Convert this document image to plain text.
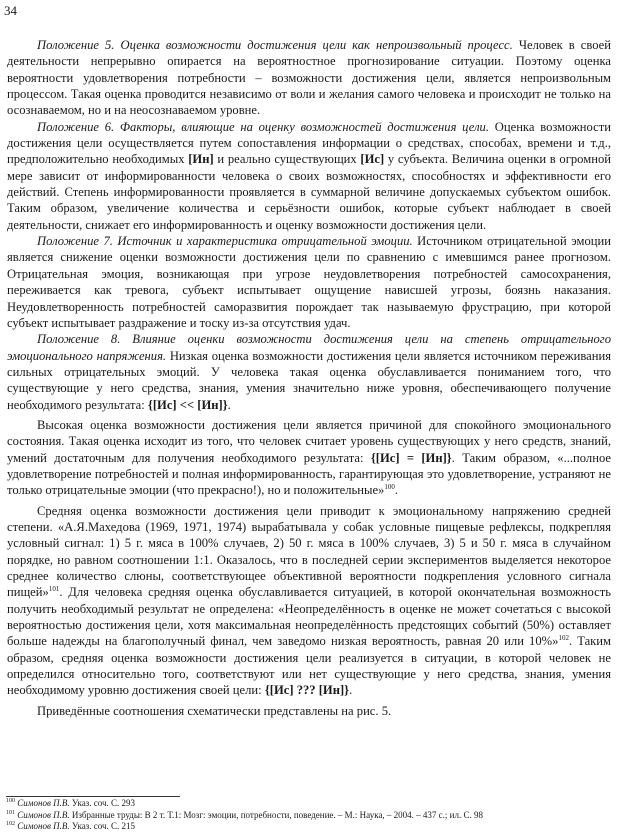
34

Положение 5. Оценка возможности достижения цели как непроизвольный процесс. Человек в своей деятельности непрерывно опирается на вероятностное прогнозирование ситуации. Поэтому оценка вероятности удовлетворения потребности – возможности достижения цели, является непроизвольным процессом. Такая оценка проводится независимо от воли и желания самого человека и происходит не только на осознаваемом, но и на неосознаваемом уровне.

Положение 6. Факторы, влияющие на оценку возможностей достижения цели. Оценка возможности достижения цели осуществляется путем сопоставления информации о средствах, способах, времени и т.д., предположительно необходимых [Ин] и реально существующих [Ис] у субъекта. Величина оценки в огромной мере зависит от информированности человека о своих возможностях, способностях и эффективности его действий. Степень информированности проявляется в суммарной величине допускаемых субъектом ошибок. Таким образом, увеличение количества и серьёзности ошибок, которые субъект наблюдает в своей деятельности, снижает его информированность и оценку возможности достижения цели.

Положение 7. Источник и характеристика отрицательной эмоции. Источником отрицательной эмоции является снижение оценки возможности достижения цели по сравнению с имевшимся ранее прогнозом. Отрицательная эмоция, возникающая при угрозе неудовлетворения потребностей самосохранения, переживается как тревога, субъект испытывает ощущение нависшей угрозы, боязнь наказания. Неудовлетворенность потребностей саморазвития порождает так называемую фрустрацию, при которой субъект испытывает раздражение и тоску из-за отсутствия удач.

Положение 8. Влияние оценки возможности достижения цели на степень отрицательного эмоционального напряжения. Низкая оценка возможности достижения цели является источником переживания сильных отрицательных эмоций. У человека такая оценка обуславливается пониманием того, что существующие у него средства, знания, умения значительно ниже уровня, обеспечивающего получение необходимого результата: {[Ис] << [Ин]}.

Высокая оценка возможности достижения цели является причиной для спокойного эмоционального состояния. Такая оценка исходит из того, что человек считает уровень существующих у него средств, знаний, умений достаточным для получения необходимого результата: {[Ис] = [Ин]}. Таким образом, «...полное удовлетворение потребностей и полная информированность, гарантирующая это удовлетворение, устраняют не только отрицательные эмоции (что прекрасно!), но и положительные»$^{100}$.

Средняя оценка возможности достижения цели приводит к эмоциональному напряжению средней степени. «А.Я.Махедова (1969, 1971, 1974) вырабатывала у собак условные пищевые рефлексы, подкрепляя условный сигнал: 1) 5 г. мяса в 100% случаев, 2) 50 г. мяса в 100% случаев, 3) 5 и 50 г. мяса в случайном порядке, но равном соотношении 1:1. Оказалось, что в последней серии экспериментов выделяется некоторое среднее количество слюны, соответствующее объективной вероятности подкрепления условного сигнала пищей»$^{101}$. Для человека средняя оценка обуславливается ситуацией, в которой окончательная возможность получить необходимый результат не определена: «Неопределённость в оценке не может сочетаться с высокой вероятностью достижения цели, хотя максимальная неопределённость предстоящих событий (50%) оставляет больше надежды на благополучный финал, чем заведомо низкая вероятность, равная 20 или 10%»$^{102}$. Таким образом, средняя оценка возможности достижения цели реализуется в ситуации, в которой человек не определился относительно того, соответствуют или нет существующие у него средства, знания, умения необходимому уровню достижения своей цели: {[Ис] ??? [Ин]}.

Приведённые соотношения схематически представлены на рис. 5.

$^{100}$ Симонов П.В. Указ. соч. С. 293
$^{101}$ Симонов П.В. Избранные труды: В 2 т. Т.1: Мозг: эмоции, потребности, поведение. – М.: Наука, – 2004. – 437 с.; ил. С. 98
$^{102}$ Симонов П.В. Указ. соч. С. 215
